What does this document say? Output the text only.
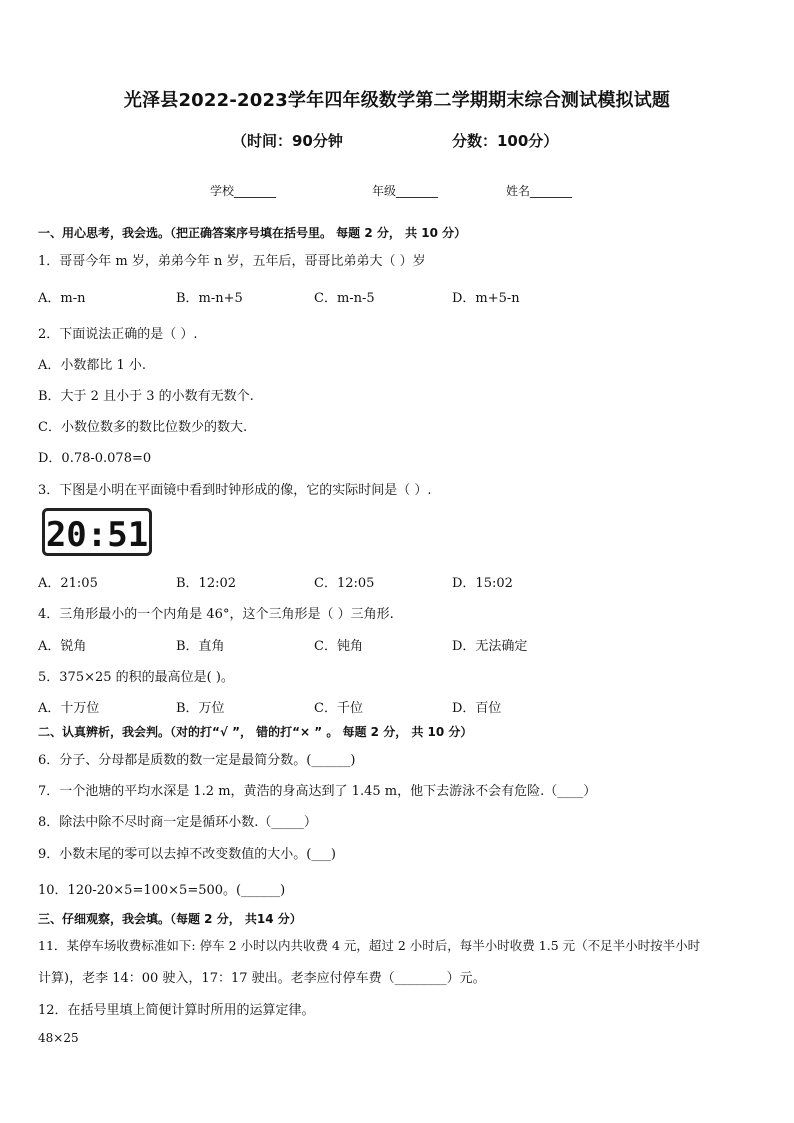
光泽县2022-2023学年四年级数学第二学期期末综合测试模拟试题
（时间：90分钟	分数：100分）
学校_______	年级_______	姓名_______
一、用心思考，我会选。（把正确答案序号填在括号里。 每题 2 分， 共 10 分）
1．哥哥今年 m 岁，弟弟今年 n 岁，五年后，哥哥比弟弟大（ ）岁
A．m-n	B．m-n+5	C．m-n-5	D．m+5-n
2．下面说法正确的是（ ）.
A．小数都比 1 小.
B．大于 2 且小于 3 的小数有无数个.
C．小数位数多的数比位数少的数大.
D．0.78-0.078=0
3．下图是小明在平面镜中看到时钟形成的像，它的实际时间是（ ）.
20:51
A．21:05	B．12:02	C．12:05	D．15:02
4．三角形最小的一个内角是 46°，这个三角形是（ ）三角形.
A．锐角	B．直角	C．钝角	D．无法确定
5．375×25 的积的最高位是( )。
A．十万位	B．万位	C．千位	D．百位
二、认真辨析，我会判。（对的打“√ ”， 错的打“× ” 。 每题 2 分， 共 10 分）
6．分子、分母都是质数的数一定是最简分数。(______)
7．一个池塘的平均水深是 1.2 m，黄浩的身高达到了 1.45 m，他下去游泳不会有危险.（____）
8．除法中除不尽时商一定是循环小数.（_____）
9．小数末尾的零可以去掉不改变数值的大小。(___)
10．120-20×5=100×5=500。(______)
三、仔细观察，我会填。（每题 2 分， 共14 分）
11．某停车场收费标准如下: 停车 2 小时以内共收费 4 元，超过 2 小时后，每半小时收费 1.5 元（不足半小时按半小时
计算)，老李 14：00 驶入，17：17 驶出。老李应付停车费（________）元。
12．在括号里填上简便计算时所用的运算定律。
48×25
